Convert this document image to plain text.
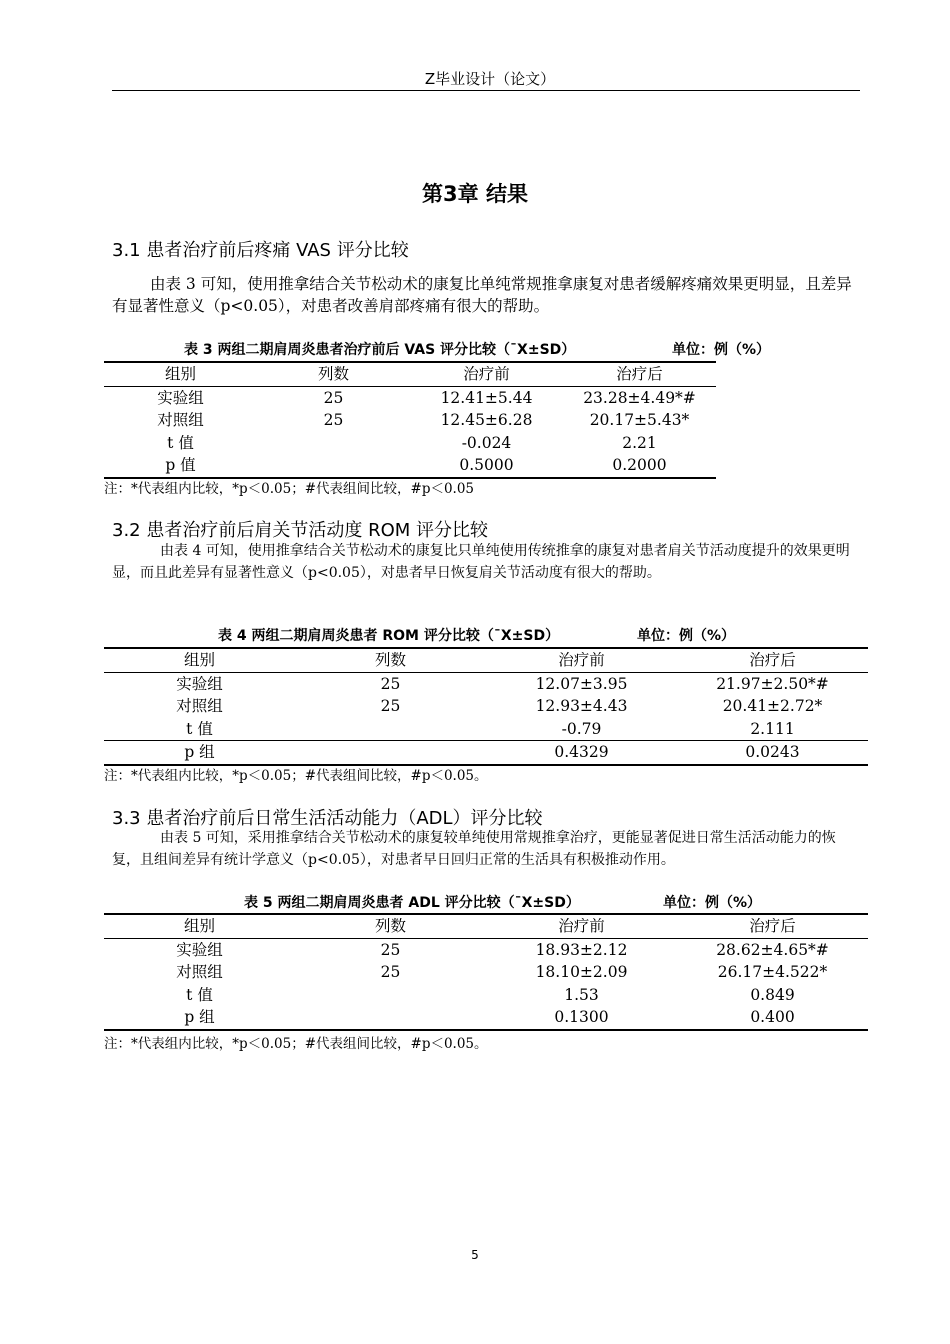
Z毕业设计（论文）
第3章 结果
3.1 患者治疗前后疼痛 VAS 评分比较
由表 3 可知，使用推拿结合关节松动术的康复比单纯常规推拿康复对患者缓解疼痛效果更明显，且差异有显著性意义（p<0.05），对患者改善肩部疼痛有很大的帮助。
表 3 两组二期肩周炎患者治疗前后 VAS 评分比较（¯X±SD）	单位：例（%）
组别	列数	治疗前	治疗后
实验组	25	12.41±5.44	23.28±4.49*#
对照组	25	12.45±6.28	20.17±5.43*
t 值		-0.024	2.21
p 值		0.5000	0.2000
注：*代表组内比较，*p＜0.05；#代表组间比较，#p＜0.05
3.2 患者治疗前后肩关节活动度 ROM 评分比较
由表 4 可知，使用推拿结合关节松动术的康复比只单纯使用传统推拿的康复对患者肩关节活动度提升的效果更明显，而且此差异有显著性意义（p<0.05），对患者早日恢复肩关节活动度有很大的帮助。
表 4 两组二期肩周炎患者 ROM 评分比较（¯X±SD）	单位：例（%）
组别	列数	治疗前	治疗后
实验组	25	12.07±3.95	21.97±2.50*#
对照组	25	12.93±4.43	20.41±2.72*
t 值		-0.79	2.111
p 组		0.4329	0.0243
注：*代表组内比较，*p＜0.05；#代表组间比较，#p＜0.05。
3.3 患者治疗前后日常生活活动能力（ADL）评分比较
由表 5 可知，采用推拿结合关节松动术的康复较单纯使用常规推拿治疗，更能显著促进日常生活活动能力的恢复，且组间差异有统计学意义（p<0.05），对患者早日回归正常的生活具有积极推动作用。
表 5 两组二期肩周炎患者 ADL 评分比较（¯X±SD）	单位：例（%）
组别	列数	治疗前	治疗后
实验组	25	18.93±2.12	28.62±4.65*#
对照组	25	18.10±2.09	26.17±4.522*
t 值		1.53	0.849
p 组		0.1300	0.400
注：*代表组内比较，*p＜0.05；#代表组间比较，#p＜0.05。
5
